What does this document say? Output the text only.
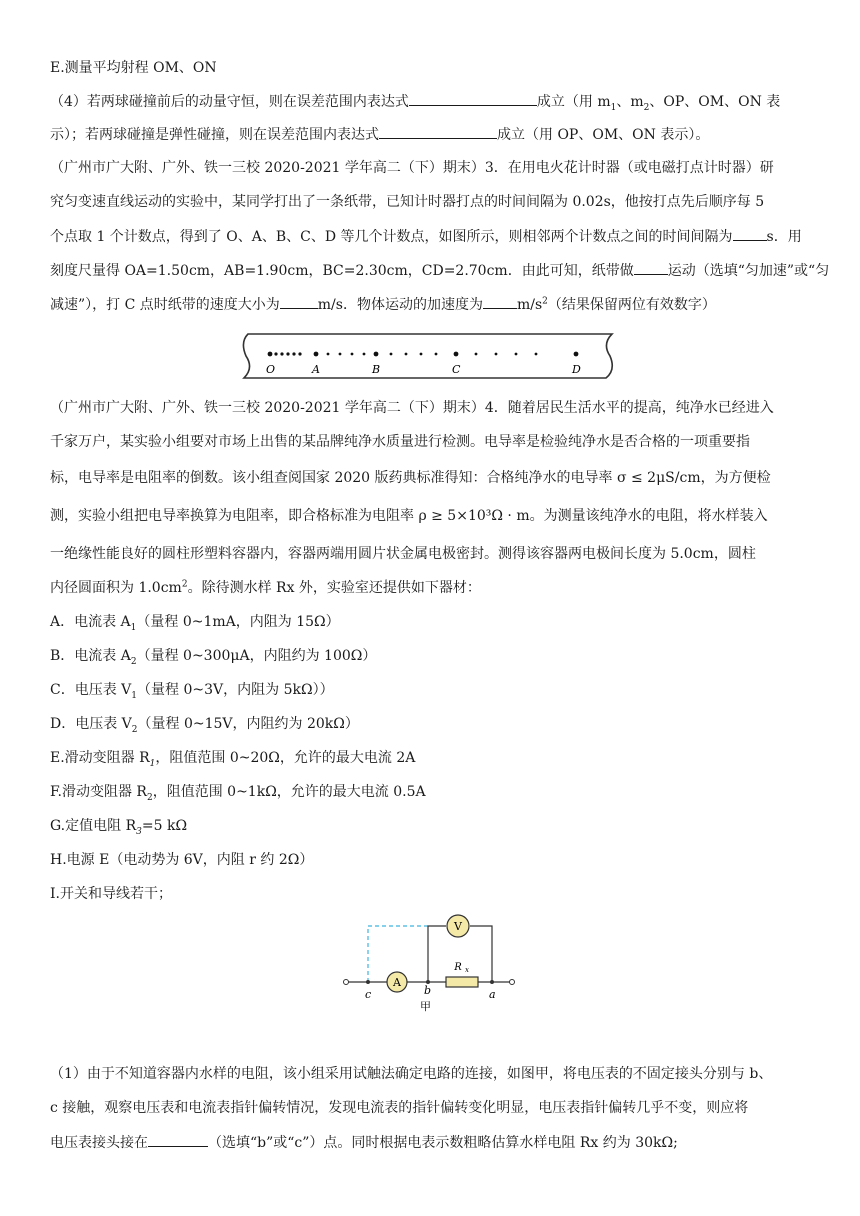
E.测量平均射程 OM、ON
（4）若两球碰撞前后的动量守恒，则在误差范围内表达式	成立（用 $m_1$、$m_2$、OP、OM、ON 表
示）；若两球碰撞是弹性碰撞，则在误差范围内表达式	成立（用 OP、OM、ON 表示）。
（广州市广大附、广外、铁一三校 2020-2021 学年高二（下）期末）3．在用电火花计时器（或电磁打点计时器）研
究匀变速直线运动的实验中，某同学打出了一条纸带，已知计时器打点的时间间隔为 0.02s，他按打点先后顺序每 5
个点取 1 个计数点，得到了 O、A、B、C、D 等几个计数点，如图所示，则相邻两个计数点之间的时间间隔为 s．用
刻度尺量得 OA=1.50cm，AB=1.90cm，BC=2.30cm，CD=2.70cm．由此可知，纸带做 运动（选填“匀加速”或“匀
减速”），打 C 点时纸带的速度大小为	m/s．物体运动的加速度为 $m/s^2$（结果保留两位有效数字）
O	A	B	C	D
（广州市广大附、广外、铁一三校 2020-2021 学年高二（下）期末）4．随着居民生活水平的提高，纯净水已经进入
千家万户，某实验小组要对市场上出售的某品牌纯净水质量进行检测。电导率是检验纯净水是否合格的一项重要指
标，电导率是电阻率的倒数。该小组查阅国家 2020 版药典标准得知：合格纯净水的电导率 σ ≤ 2μS/cm，为方便检
测，实验小组把电导率换算为电阻率，即合格标准为电阻率 ρ ≥ 5×10³Ω · m。为测量该纯净水的电阻，将水样装入
一绝缘性能良好的圆柱形塑料容器内，容器两端用圆片状金属电极密封。测得该容器两电极间长度为 5.0cm，圆柱
内径圆面积为 $1.0cm^2$。除待测水样 Rx 外，实验室还提供如下器材：
A．电流表 $A_1$（量程 0~1mA，内阻为 15Ω）
B．电流表 $A_2$（量程 0~300μA，内阻约为 100Ω）
C．电压表 $V_1$（量程 0~3V，内阻为 5kΩ））
D．电压表 $V_2$（量程 0~15V，内阻约为 20kΩ）
E.滑动变阻器 $R_1$，阻值范围 0~20Ω，允许的最大电流 2A
F.滑动变阻器 $R_2$，阻值范围 0~1kΩ，允许的最大电流 0.5A
G.定值电阻 $R_3=5$ kΩ
H.电源 E（电动势为 6V，内阻 r 约 2Ω）
I.开关和导线若干；
V
A
R x
c	b	a
甲
（1）由于不知道容器内水样的电阻，该小组采用试触法确定电路的连接，如图甲，将电压表的不固定接头分别与 b、
c 接触，观察电压表和电流表指针偏转情况，发现电流表的指针偏转变化明显，电压表指针偏转几乎不变，则应将
电压表接头接在	（选填“b”或“c”）点。同时根据电表示数粗略估算水样电阻 Rx 约为 30kΩ;
